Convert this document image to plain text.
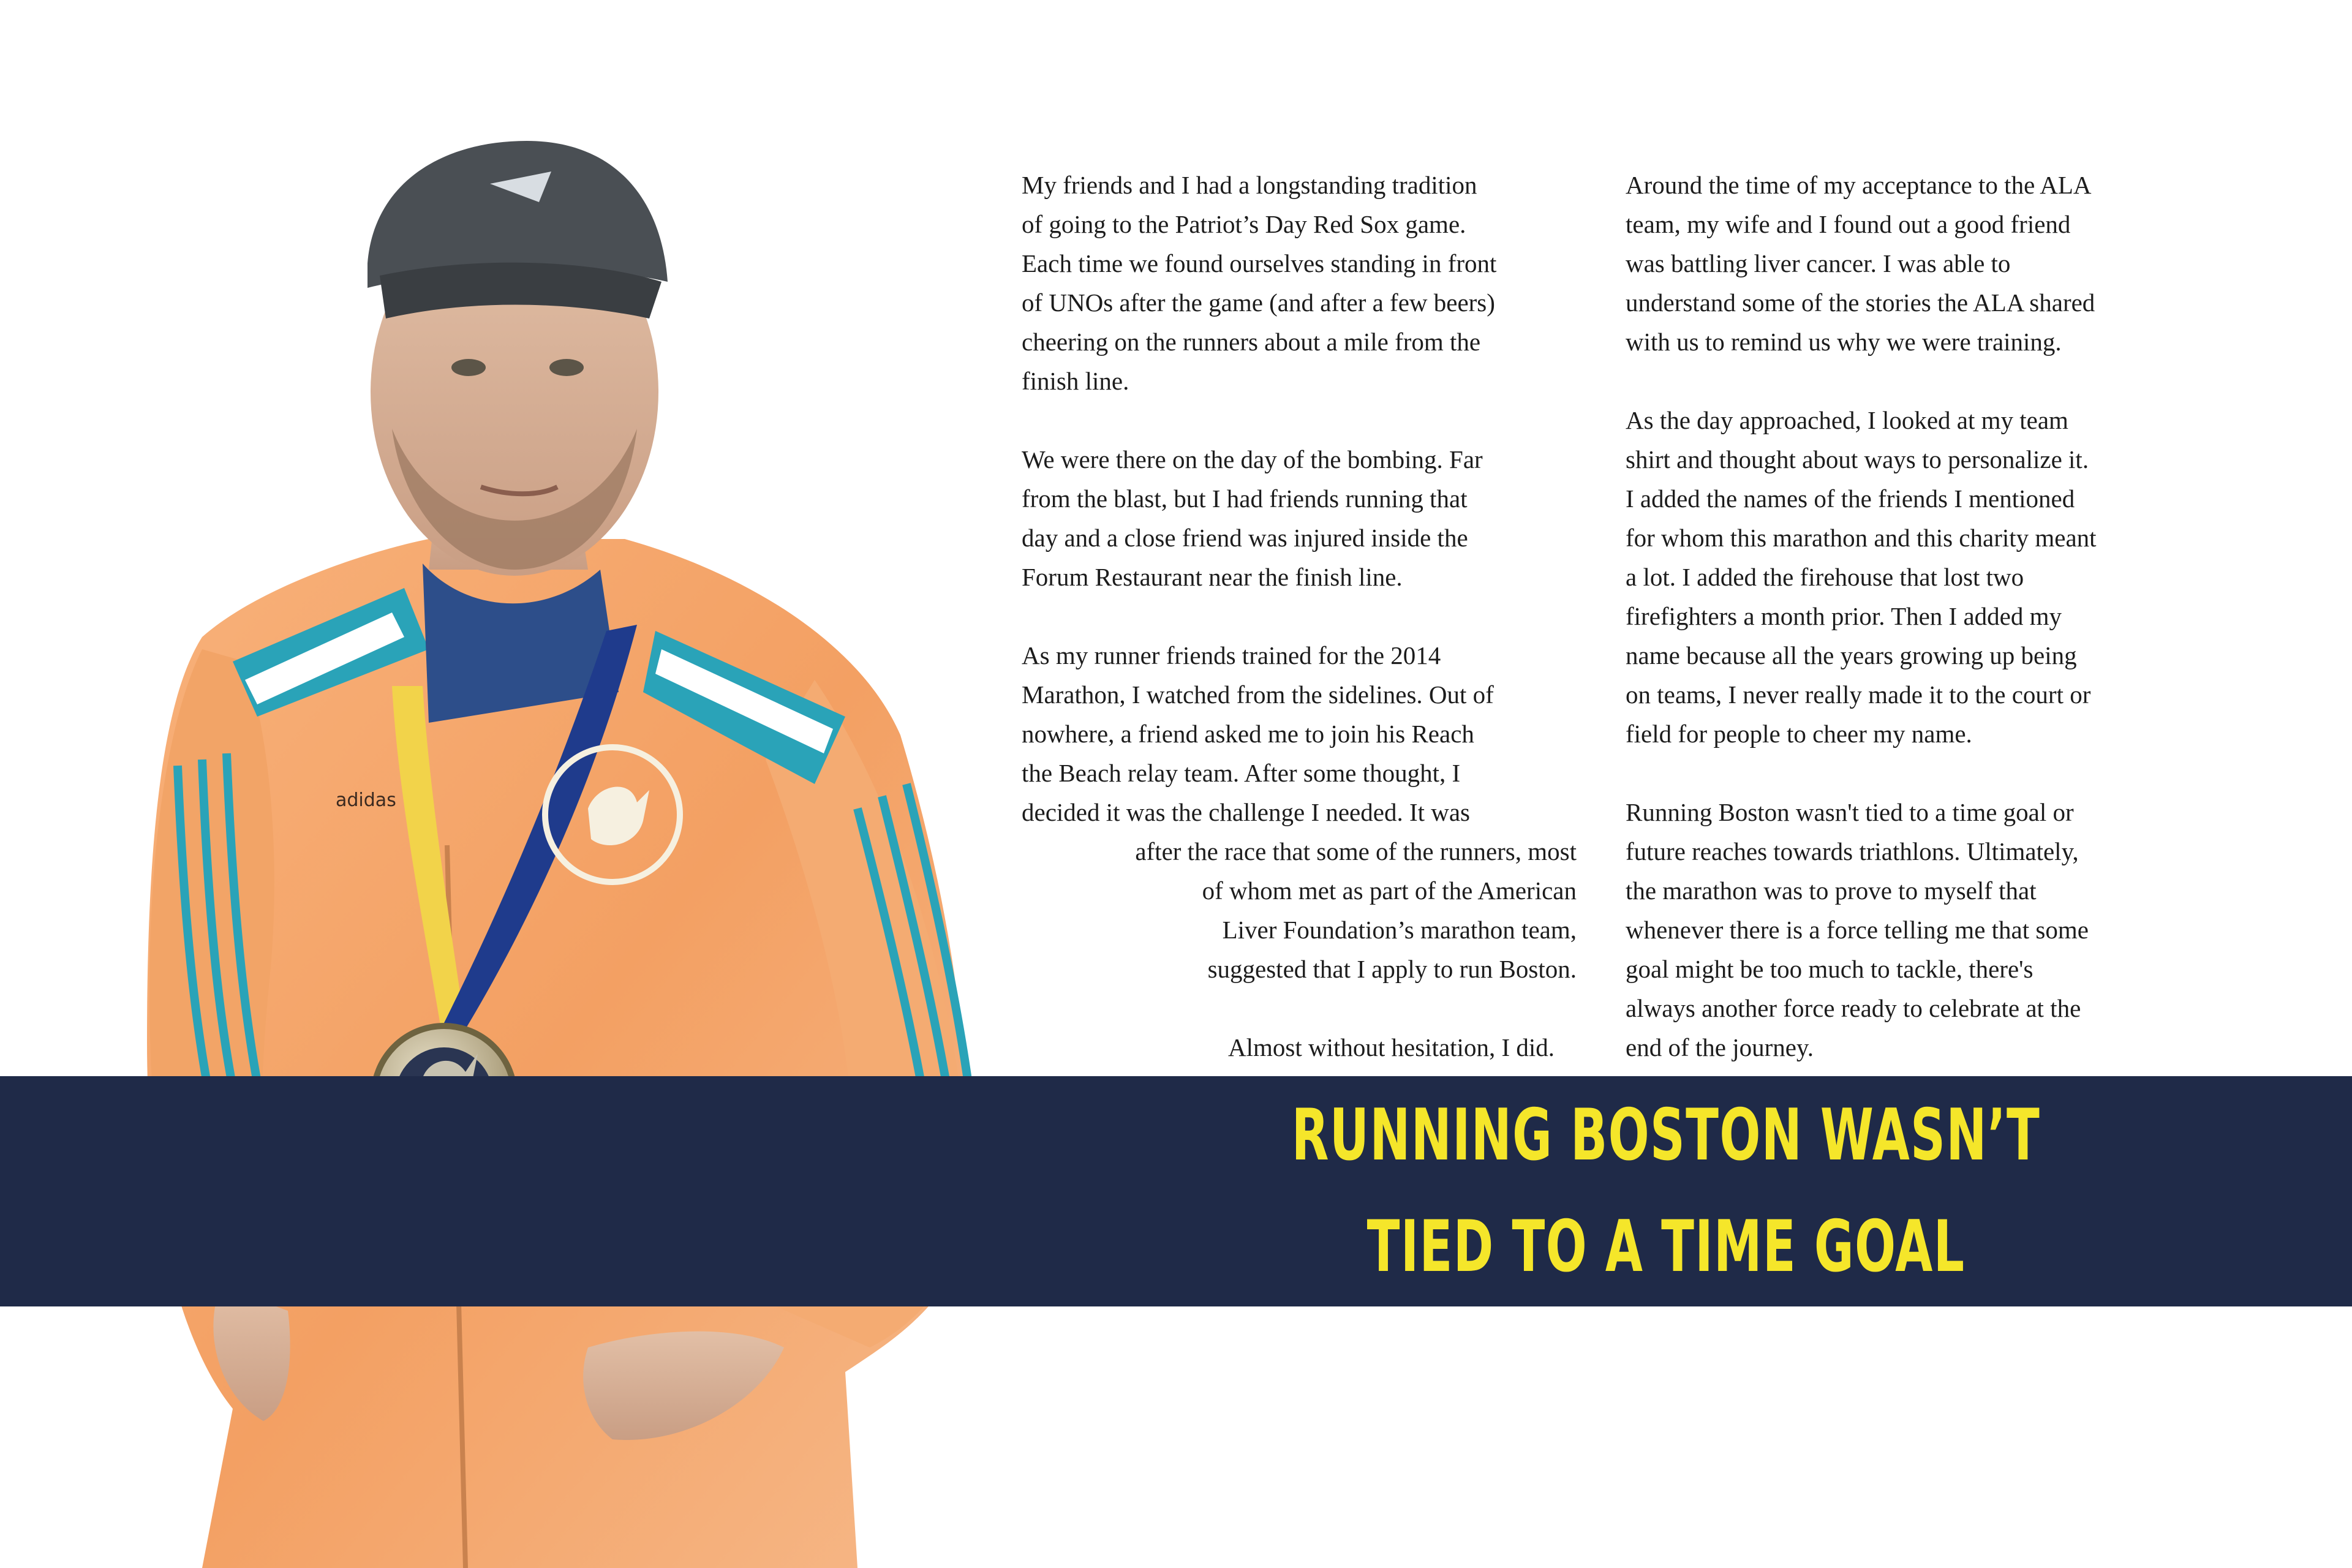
adidas
RUNNING BOSTON WASN’T
TIED TO A TIME GOAL

My friends and I had a longstanding tradition
of going to the Patriot’s Day Red Sox game.
Each time we found ourselves standing in front
of UNOs after the game (and after a few beers)
cheering on the runners about a mile from the
finish line.

We were there on the day of the bombing. Far
from the blast, but I had friends running that
day and a close friend was injured inside the
Forum Restaurant near the finish line.

As my runner friends trained for the 2014
Marathon, I watched from the sidelines. Out of
nowhere, a friend asked me to join his Reach
the Beach relay team. After some thought, I
decided it was the challenge I needed. It was

after the race that some of the runners, most
of whom met as part of the American
Liver Foundation’s marathon team,
suggested that I apply to run Boston.

Almost without hesitation, I did.

Around the time of my acceptance to the ALA
team, my wife and I found out a good friend
was battling liver cancer. I was able to
understand some of the stories the ALA shared
with us to remind us why we were training.

As the day approached, I looked at my team
shirt and thought about ways to personalize it.
I added the names of the friends I mentioned
for whom this marathon and this charity meant
a lot. I added the firehouse that lost two
firefighters a month prior. Then I added my
name because all the years growing up being
on teams, I never really made it to the court or
field for people to cheer my name.

Running Boston wasn't tied to a time goal or
future reaches towards triathlons. Ultimately,
the marathon was to prove to myself that
whenever there is a force telling me that some
goal might be too much to tackle, there's
always another force ready to celebrate at the
end of the journey.
